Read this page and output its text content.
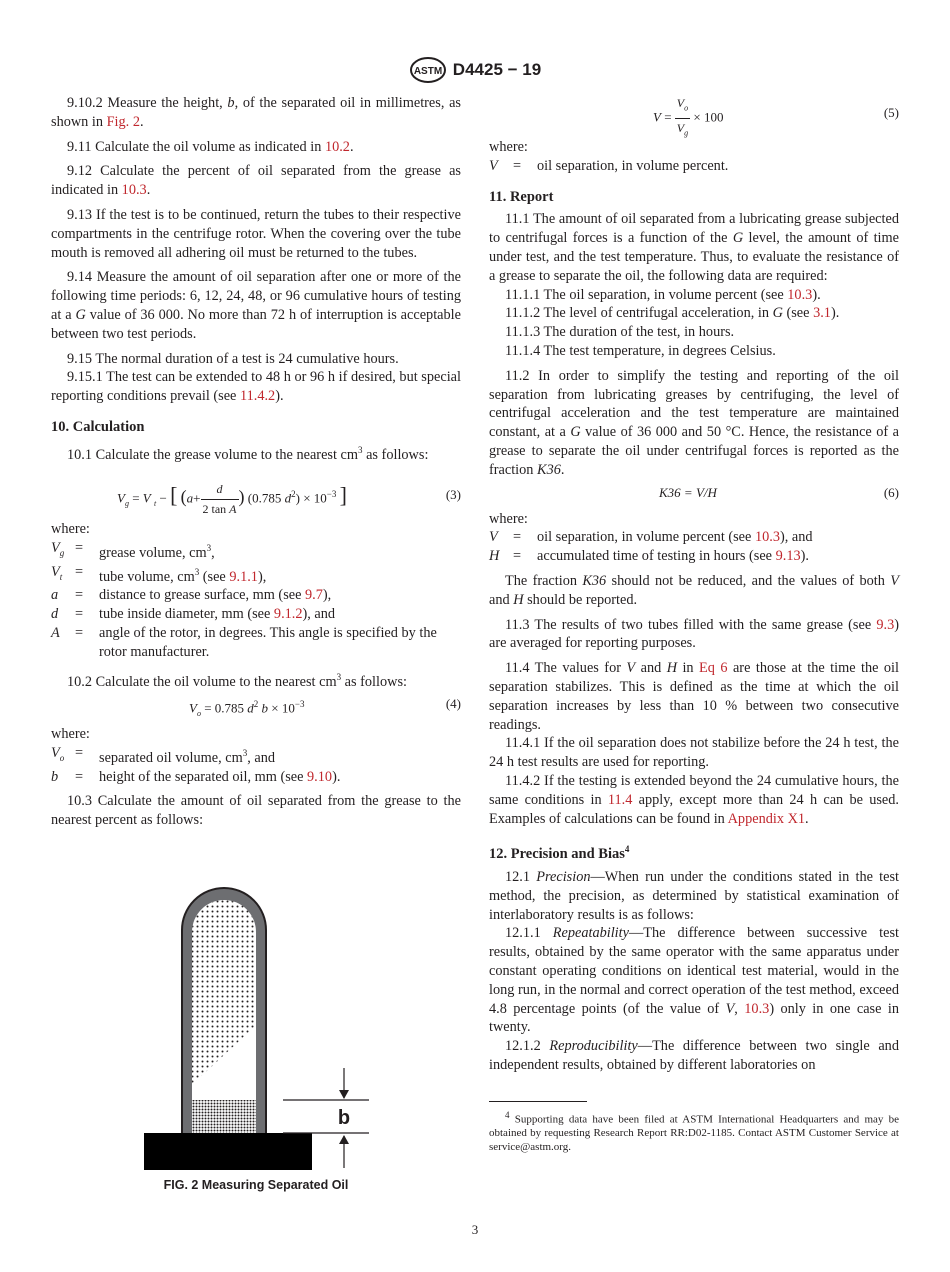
ASTM D4425 − 19

9.10.2 Measure the height, b, of the separated oil in millimetres, as shown in Fig. 2.

9.11 Calculate the oil volume as indicated in 10.2.

9.12 Calculate the percent of oil separated from the grease as indicated in 10.3.

9.13 If the test is to be continued, return the tubes to their respective compartments in the centrifuge rotor. When the covering over the tube mouth is removed all adhering oil must be returned to the tubes.

9.14 Measure the amount of oil separation after one or more of the following time periods: 6, 12, 24, 48, or 96 cumulative hours of testing at a G value of 36 000. No more than 72 h of interruption is acceptable between two test periods.

9.15 The normal duration of a test is 24 cumulative hours.

9.15.1 The test can be extended to 48 h or 96 h if desired, but special reporting conditions prevail (see 11.4.2).

10. Calculation

10.1 Calculate the grease volume to the nearest $cm^3$ as follows:

$V_g = V$ $_t$ − [ ($a+ \frac{d}{\text{2 tan A}}$ ) (0.785 $d^2) \times 10^{-3}$ ]	(3)

where:

$V_g$ =	grease volume, $cm^3$,
$V_t$ =	tube volume, $cm^3$ (see 9.1.1),
a	=	distance to grease surface, mm (see 9.7),
d	=	tube inside diameter, mm (see 9.1.2), and
A	=	angle of the rotor, in degrees. This angle is specified by the rotor manufacturer.

10.2 Calculate the oil volume to the nearest $cm^3$ as follows:

$V_o = 0.785$ $d^2$ $b \times 10^{-3}$	(4)

where:

$V_o$ =	separated oil volume, $cm^3$, and
b	=	height of the separated oil, mm (see 9.10).

10.3 Calculate the amount of oil separated from the grease to the nearest percent as follows:

b
FIG. 2 Measuring Separated Oil
$V = \frac{V_o}{V_g} \times 100$	(5)

where:

V	=	oil separation, in volume percent.
11. Report

11.1 The amount of oil separated from a lubricating grease subjected to centrifugal forces is a function of the G level, the amount of time under test, and the test temperature. Thus, to evaluate the resistance of a grease to separate the oil, the following data are required:

11.1.1 The oil separation, in volume percent (see 10.3).

11.1.2 The level of centrifugal acceleration, in G (see 3.1).

11.1.3 The duration of the test, in hours.

11.1.4 The test temperature, in degrees Celsius.

11.2 In order to simplify the testing and reporting of the oil separation from lubricating greases by centrifuging, the level of centrifugal acceleration and the test temperature are maintained constant, at a G value of 36 000 and 50 °C. Hence, the resistance of a grease to separate the oil under centrifugal forces is reported as the fraction K36.

K36 = V/H	(6)

where:

V	=	oil separation, in volume percent (see 10.3), and
H =	accumulated time of testing in hours (see 9.13).

The fraction K36 should not be reduced, and the values of both V and H should be reported.

11.3 The results of two tubes filled with the same grease (see 9.3) are averaged for reporting purposes.

11.4 The values for V and H in Eq 6 are those at the time the oil separation stabilizes. This is defined as the time at which the oil separation increases by less than 10 % between two consecutive readings.

11.4.1 If the oil separation does not stabilize before the 24 h test, the 24 h test results are used for reporting.

11.4.2 If the testing is extended beyond the 24 cumulative hours, the same conditions in 11.4 apply, except more than 24 h can be used. Examples of calculations can be found in Appendix X1.

12. Precision and Bias$^4$

12.1 Precision—When run under the conditions stated in the test method, the precision, as determined by statistical examination of interlaboratory results is as follows:

12.1.1 Repeatability—The difference between successive test results, obtained by the same operator with the same apparatus under constant operating conditions on identical test material, would in the long run, in the normal and correct operation of the test method, exceed 4.8 percentage points (of the value of V, 10.3) only in one case in twenty.

12.1.2 Reproducibility—The difference between two single and independent results, obtained by different laboratories on

$^4$ Supporting data have been filed at ASTM International Headquarters and may be obtained by requesting Research Report RR:D02-1185. Contact ASTM Customer Service at service@astm.org.

3
